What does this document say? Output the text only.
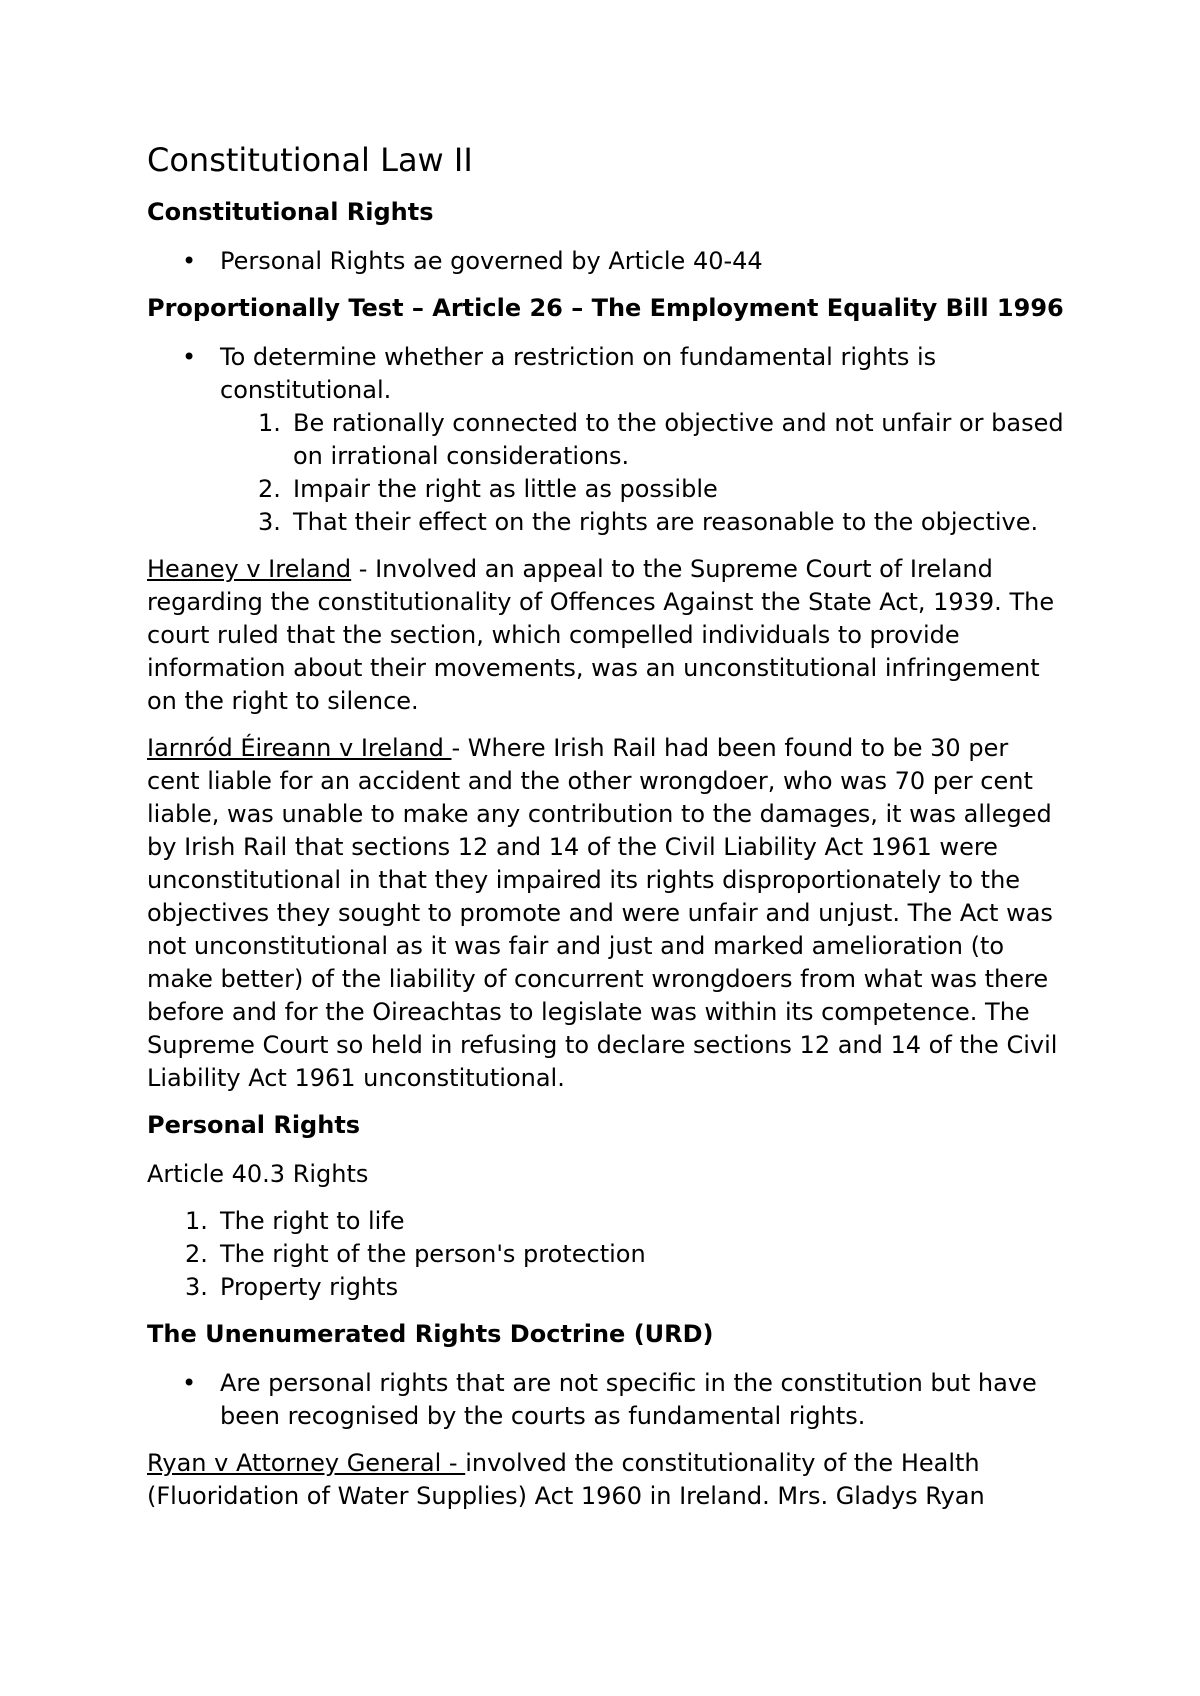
Constitutional Law II
Constitutional Rights
• Personal Rights ae governed by Article 40-44
Proportionally Test – Article 26 – The Employment Equality Bill 1996
• To determine whether a restriction on fundamental rights is constitutional.
1. Be rationally connected to the objective and not unfair or based on irrational considerations.
2. Impair the right as little as possible
3. That their effect on the rights are reasonable to the objective.
Heaney v Ireland - Involved an appeal to the Supreme Court of Ireland regarding the constitutionality of Offences Against the State Act, 1939. The court ruled that the section, which compelled individuals to provide information about their movements, was an unconstitutional infringement on the right to silence.
Iarnród Éireann v Ireland - Where Irish Rail had been found to be 30 per cent liable for an accident and the other wrongdoer, who was 70 per cent liable, was unable to make any contribution to the damages, it was alleged by Irish Rail that sections 12 and 14 of the Civil Liability Act 1961 were unconstitutional in that they impaired its rights disproportionately to the objectives they sought to promote and were unfair and unjust. The Act was not unconstitutional as it was fair and just and marked amelioration (to make better) of the liability of concurrent wrongdoers from what was there before and for the Oireachtas to legislate was within its competence. The Supreme Court so held in refusing to declare sections 12 and 14 of the Civil Liability Act 1961 unconstitutional.
Personal Rights
Article 40.3 Rights
1. The right to life
2. The right of the person's protection
3. Property rights
The Unenumerated Rights Doctrine (URD)
• Are personal rights that are not specific in the constitution but have been recognised by the courts as fundamental rights.
Ryan v Attorney General - involved the constitutionality of the Health (Fluoridation of Water Supplies) Act 1960 in Ireland. Mrs. Gladys Ryan
